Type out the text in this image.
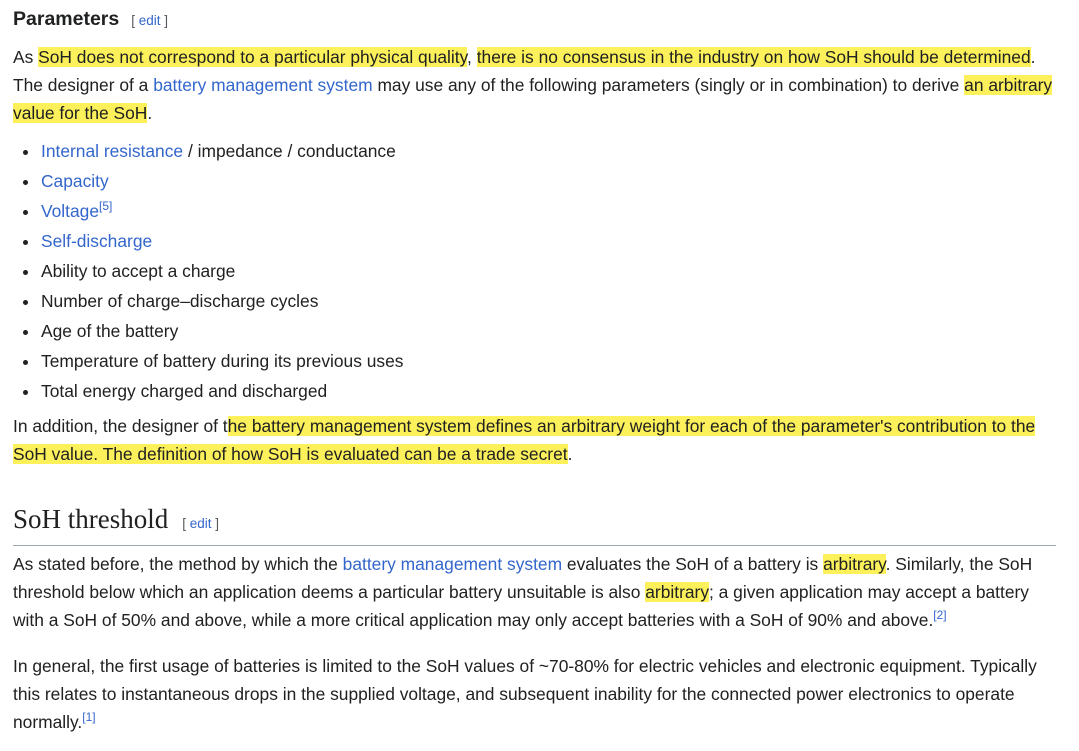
Parameters [ edit ]

As SoH does not correspond to a particular physical quality, there is no consensus in the industry on how SoH should be determined. The designer of a battery management system may use any of the following parameters (singly or in combination) to derive an arbitrary value for the SoH.

Internal resistance / impedance / conductance
Capacity
Voltage[5]
Self-discharge
Ability to accept a charge
Number of charge–discharge cycles
Age of the battery
Temperature of battery during its previous uses
Total energy charged and discharged

In addition, the designer of the battery management system defines an arbitrary weight for each of the parameter's contribution to the SoH value. The definition of how SoH is evaluated can be a trade secret.

SoH threshold [ edit ]

As stated before, the method by which the battery management system evaluates the SoH of a battery is arbitrary. Similarly, the SoH threshold below which an application deems a particular battery unsuitable is also arbitrary; a given application may accept a battery with a SoH of 50% and above, while a more critical application may only accept batteries with a SoH of 90% and above.[2]

In general, the first usage of batteries is limited to the SoH values of ~70-80% for electric vehicles and electronic equipment. Typically this relates to instantaneous drops in the supplied voltage, and subsequent inability for the connected power electronics to operate normally.[1]
